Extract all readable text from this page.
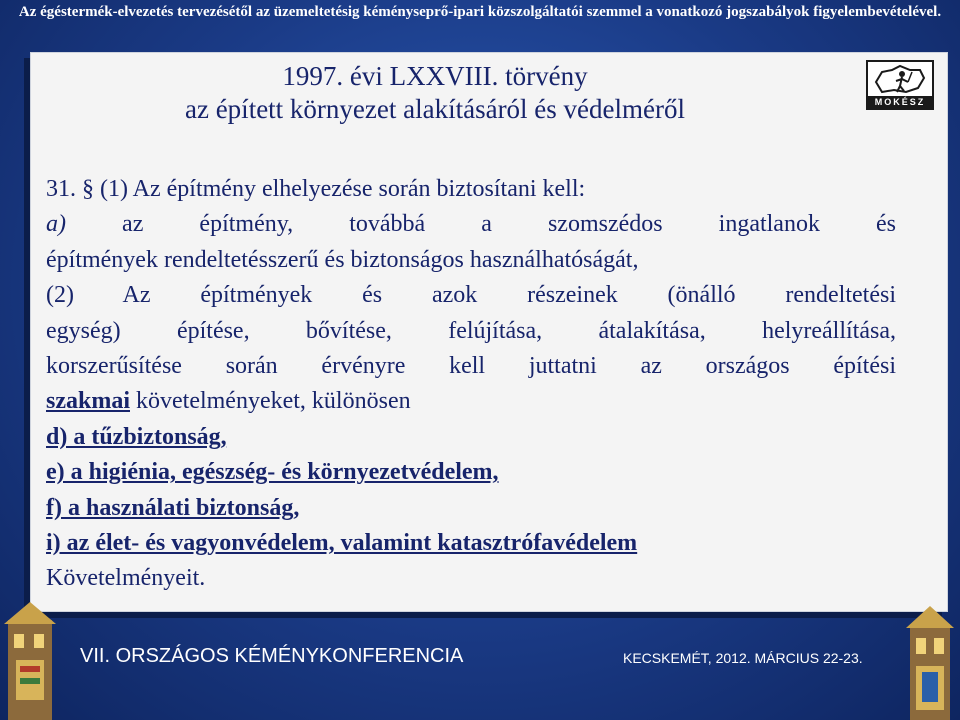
Az égéstermék-elvezetés tervezésétől az üzemeltetésig kéményseprő-ipari közszolgáltatói szemmel a vonatkozó jogszabályok figyelembevételével.
1997. évi LXXVIII. törvény
az épített környezet alakításáról és védelméről	MOKÉSZ

31. § (1) Az építmény elhelyezése során biztosítani kell:

a) az építmény, továbbá a szomszédos ingatlanok és

építmények rendeltetésszerű és biztonságos használhatóságát,

(2) Az építmények és azok részeinek (önálló rendeltetési

egység) építése, bővítése, felújítása, átalakítása, helyreállítása,

korszerűsítése során érvényre kell juttatni az országos építési

szakmai követelményeket, különösen

d) a tűzbiztonság,

e) a higiénia, egészség- és környezetvédelem,

f) a használati biztonság,

i) az élet- és vagyonvédelem, valamint katasztrófavédelem

Követelményeit.

VII. ORSZÁGOS KÉMÉNYKONFERENCIA	KECSKEMÉT, 2012. MÁRCIUS 22-23.
